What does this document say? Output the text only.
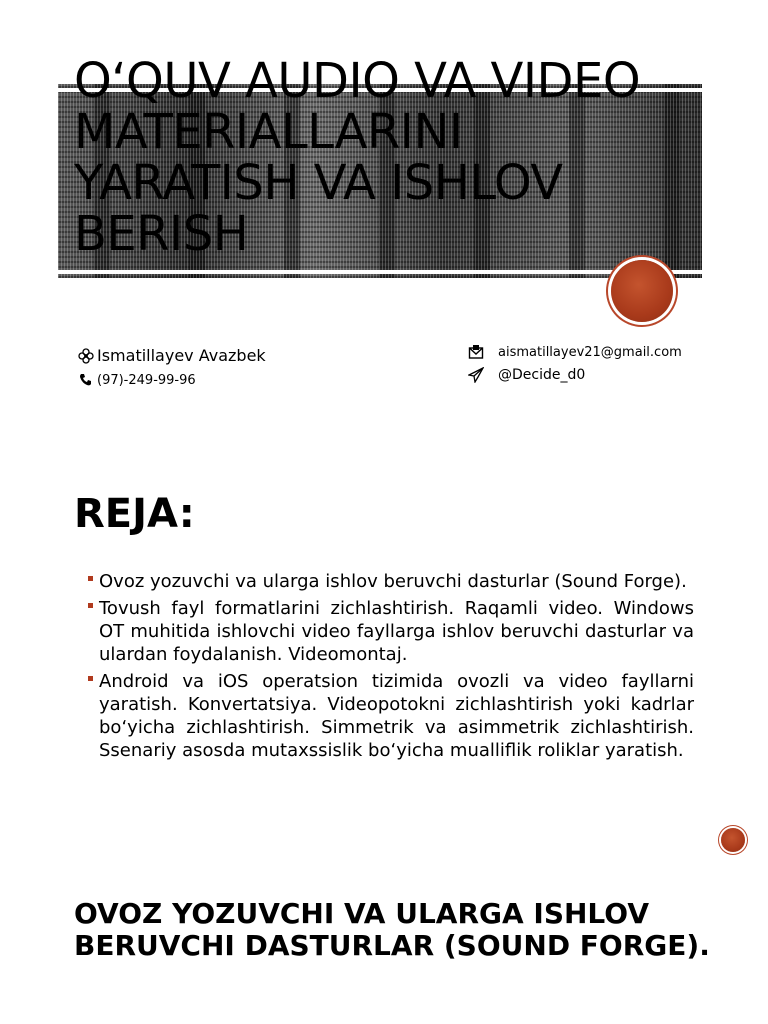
O‘QUV AUDIO VA VIDEO MATERIALLARINI YARATISH VA ISHLOV BERISH
Ismatillayev Avazbek
(97)-249-99-96
aismatillayev21@gmail.com
@Decide_d0
REJA:
Ovoz yozuvchi va ularga ishlov beruvchi dasturlar (Sound Forge).
Tovush fayl formatlarini zichlashtirish. Raqamli video. Windows OT muhitida ishlovchi video fayllarga ishlov beruvchi dasturlar va ulardan foydalanish. Videomontaj.
Android va iOS operatsion tizimida ovozli va video fayllarni yaratish. Konvertatsiya. Videopotokni zichlashtirish yoki kadrlar bo‘yicha zichlashtirish. Simmetrik va asimmetrik zichlashtirish. Ssenariy asosda mutaxssislik bo‘yicha mualliflik roliklar yaratish.
OVOZ YOZUVCHI VA ULARGA ISHLOV BERUVCHI DASTURLAR (SOUND FORGE).
